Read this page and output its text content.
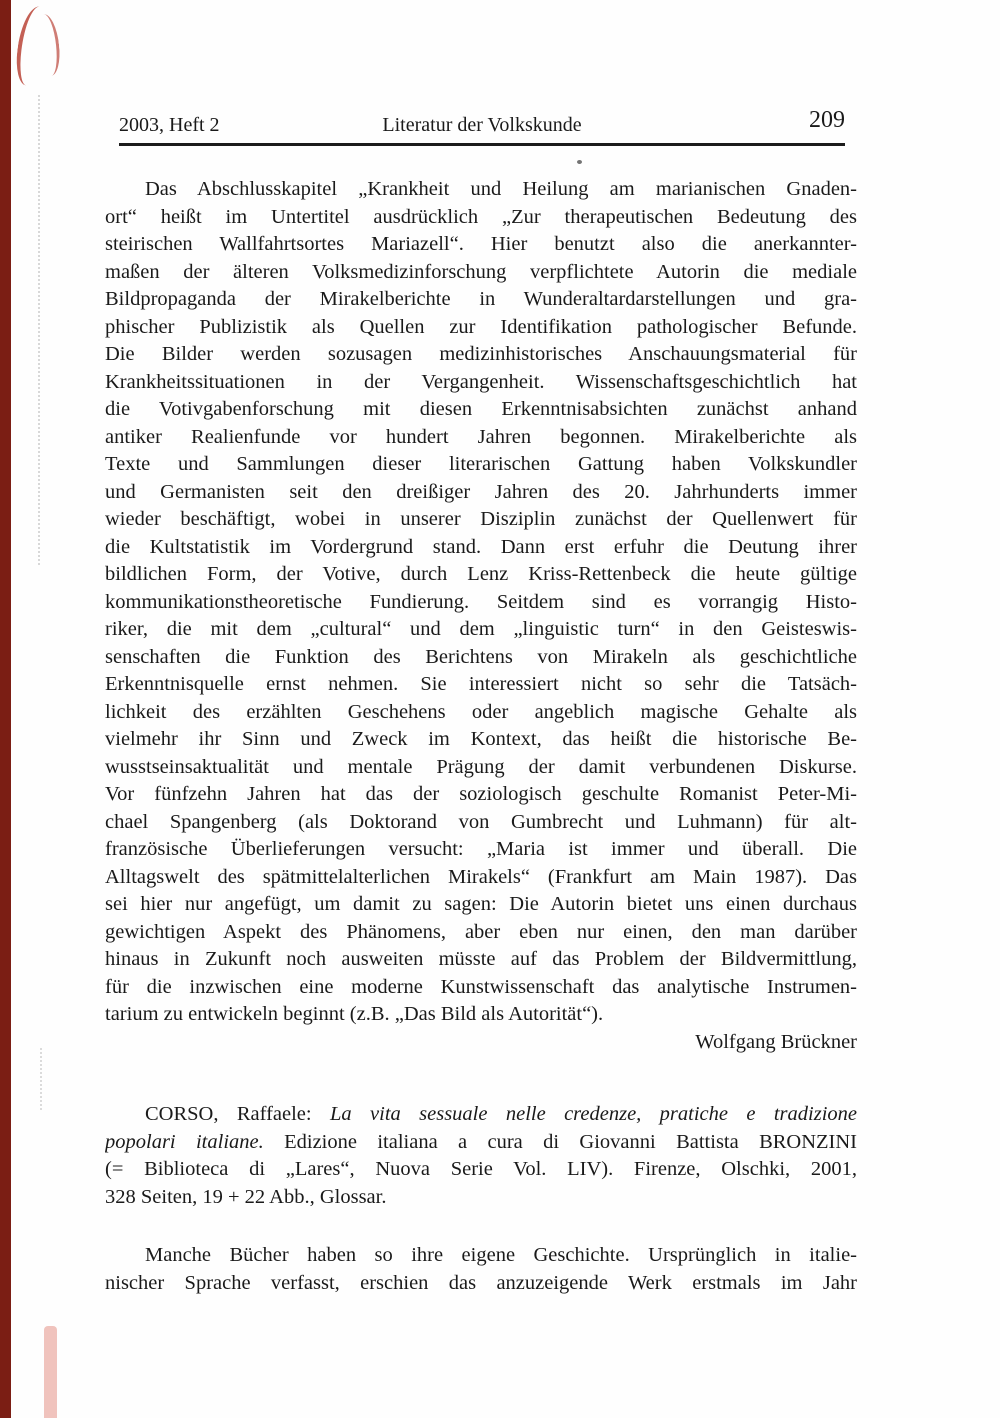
2003, Heft 2	Literatur der Volkskunde	209
Das Abschlusskapitel „Krankheit und Heilung am marianischen Gnaden-
ort“ heißt im Untertitel ausdrücklich „Zur therapeutischen Bedeutung des
steirischen Wallfahrtsortes Mariazell“. Hier benutzt also die anerkannter-
maßen der älteren Volksmedizinforschung verpflichtete Autorin die mediale
Bildpropaganda der Mirakelberichte in Wunderaltardarstellungen und gra-
phischer Publizistik als Quellen zur Identifikation pathologischer Befunde.
Die Bilder werden sozusagen medizinhistorisches Anschauungsmaterial für
Krankheitssituationen in der Vergangenheit. Wissenschaftsgeschichtlich hat
die Votivgabenforschung mit diesen Erkenntnisabsichten zunächst anhand
antiker Realienfunde vor hundert Jahren begonnen. Mirakelberichte als
Texte und Sammlungen dieser literarischen Gattung haben Volkskundler
und Germanisten seit den dreißiger Jahren des 20. Jahrhunderts immer
wieder beschäftigt, wobei in unserer Disziplin zunächst der Quellenwert für
die Kultstatistik im Vordergrund stand. Dann erst erfuhr die Deutung ihrer
bildlichen Form, der Votive, durch Lenz Kriss-Rettenbeck die heute gültige
kommunikationstheoretische Fundierung. Seitdem sind es vorrangig Histo-
riker, die mit dem „cultural“ und dem „linguistic turn“ in den Geisteswis-
senschaften die Funktion des Berichtens von Mirakeln als geschichtliche
Erkenntnisquelle ernst nehmen. Sie interessiert nicht so sehr die Tatsäch-
lichkeit des erzählten Geschehens oder angeblich magische Gehalte als
vielmehr ihr Sinn und Zweck im Kontext, das heißt die historische Be-
wusstseinsaktualität und mentale Prägung der damit verbundenen Diskurse.
Vor fünfzehn Jahren hat das der soziologisch geschulte Romanist Peter-Mi-
chael Spangenberg (als Doktorand von Gumbrecht und Luhmann) für alt-
französische Überlieferungen versucht: „Maria ist immer und überall. Die
Alltagswelt des spätmittelalterlichen Mirakels“ (Frankfurt am Main 1987). Das
sei hier nur angefügt, um damit zu sagen: Die Autorin bietet uns einen durchaus
gewichtigen Aspekt des Phänomens, aber eben nur einen, den man darüber
hinaus in Zukunft noch ausweiten müsste auf das Problem der Bildvermittlung,
für die inzwischen eine moderne Kunstwissenschaft das analytische Instrumen-
tarium zu entwickeln beginnt (z.B. „Das Bild als Autorität“).
Wolfgang Brückner
CORSO, Raffaele: La vita sessuale nelle credenze, pratiche e tradizione
popolari italiane. Edizione italiana a cura di Giovanni Battista BRONZINI
(= Biblioteca di „Lares“, Nuova Serie Vol. LIV). Firenze, Olschki, 2001,
328 Seiten, 19 + 22 Abb., Glossar.
Manche Bücher haben so ihre eigene Geschichte. Ursprünglich in italie-
nischer Sprache verfasst, erschien das anzuzeigende Werk erstmals im Jahr
